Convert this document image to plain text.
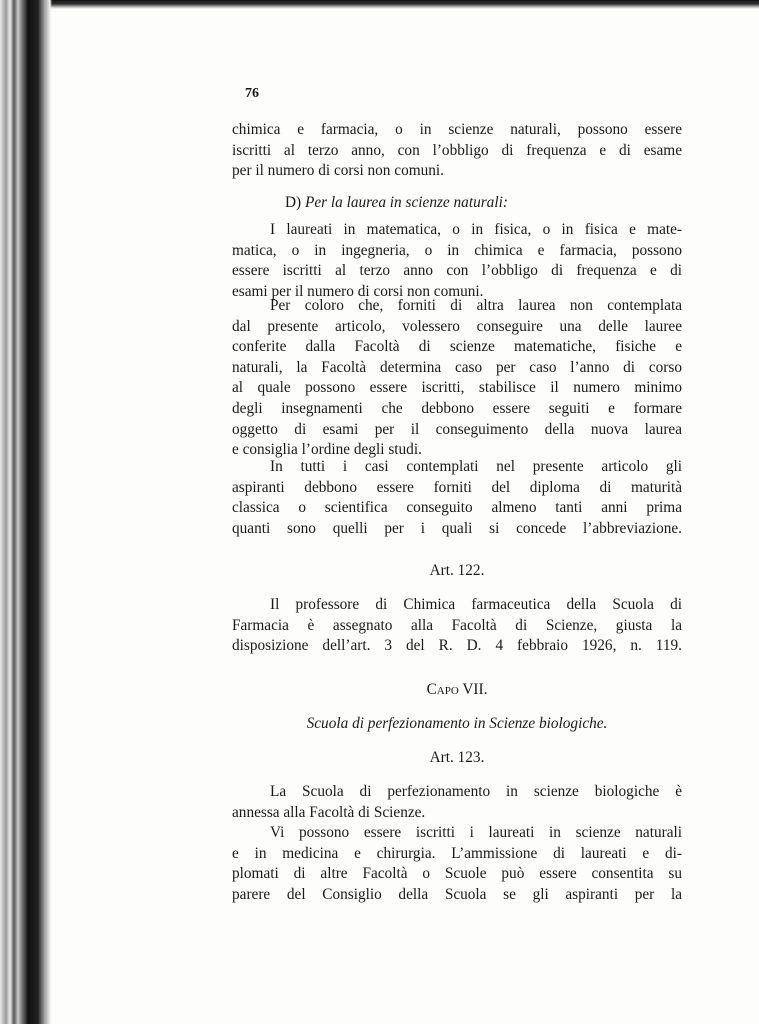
76
chimica e farmacia, o in scienze naturali, possono essere
iscritti al terzo anno, con l’obbligo di frequenza e di esame
per il numero di corsi non comuni.
D) Per la laurea in scienze naturali:
I laureati in matematica, o in fisica, o in fisica e mate-
matica, o in ingegneria, o in chimica e farmacia, possono
essere iscritti al terzo anno con l’obbligo di frequenza e di
esami per il numero di corsi non comuni.
Per coloro che, forniti di altra laurea non contemplata
dal presente articolo, volessero conseguire una delle lauree
conferite dalla Facoltà di scienze matematiche, fisiche e
naturali, la Facoltà determina caso per caso l’anno di corso
al quale possono essere iscritti, stabilisce il numero minimo
degli insegnamenti che debbono essere seguiti e formare
oggetto di esami per il conseguimento della nuova laurea
e consiglia l’ordine degli studi.
In tutti i casi contemplati nel presente articolo gli
aspiranti debbono essere forniti del diploma di maturità
classica o scientifica conseguito almeno tanti anni prima
quanti sono quelli per i quali si concede l’abbreviazione.
Art. 122.
Il professore di Chimica farmaceutica della Scuola di
Farmacia è assegnato alla Facoltà di Scienze, giusta la
disposizione dell’art. 3 del R. D. 4 febbraio 1926, n. 119.
Capo VII.
Scuola di perfezionamento in Scienze biologiche.
Art. 123.
La Scuola di perfezionamento in scienze biologiche è
annessa alla Facoltà di Scienze.
Vi possono essere iscritti i laureati in scienze naturali
e in medicina e chirurgia. L’ammissione di laureati e di-
plomati di altre Facoltà o Scuole può essere consentita su
parere del Consiglio della Scuola se gli aspiranti per la
